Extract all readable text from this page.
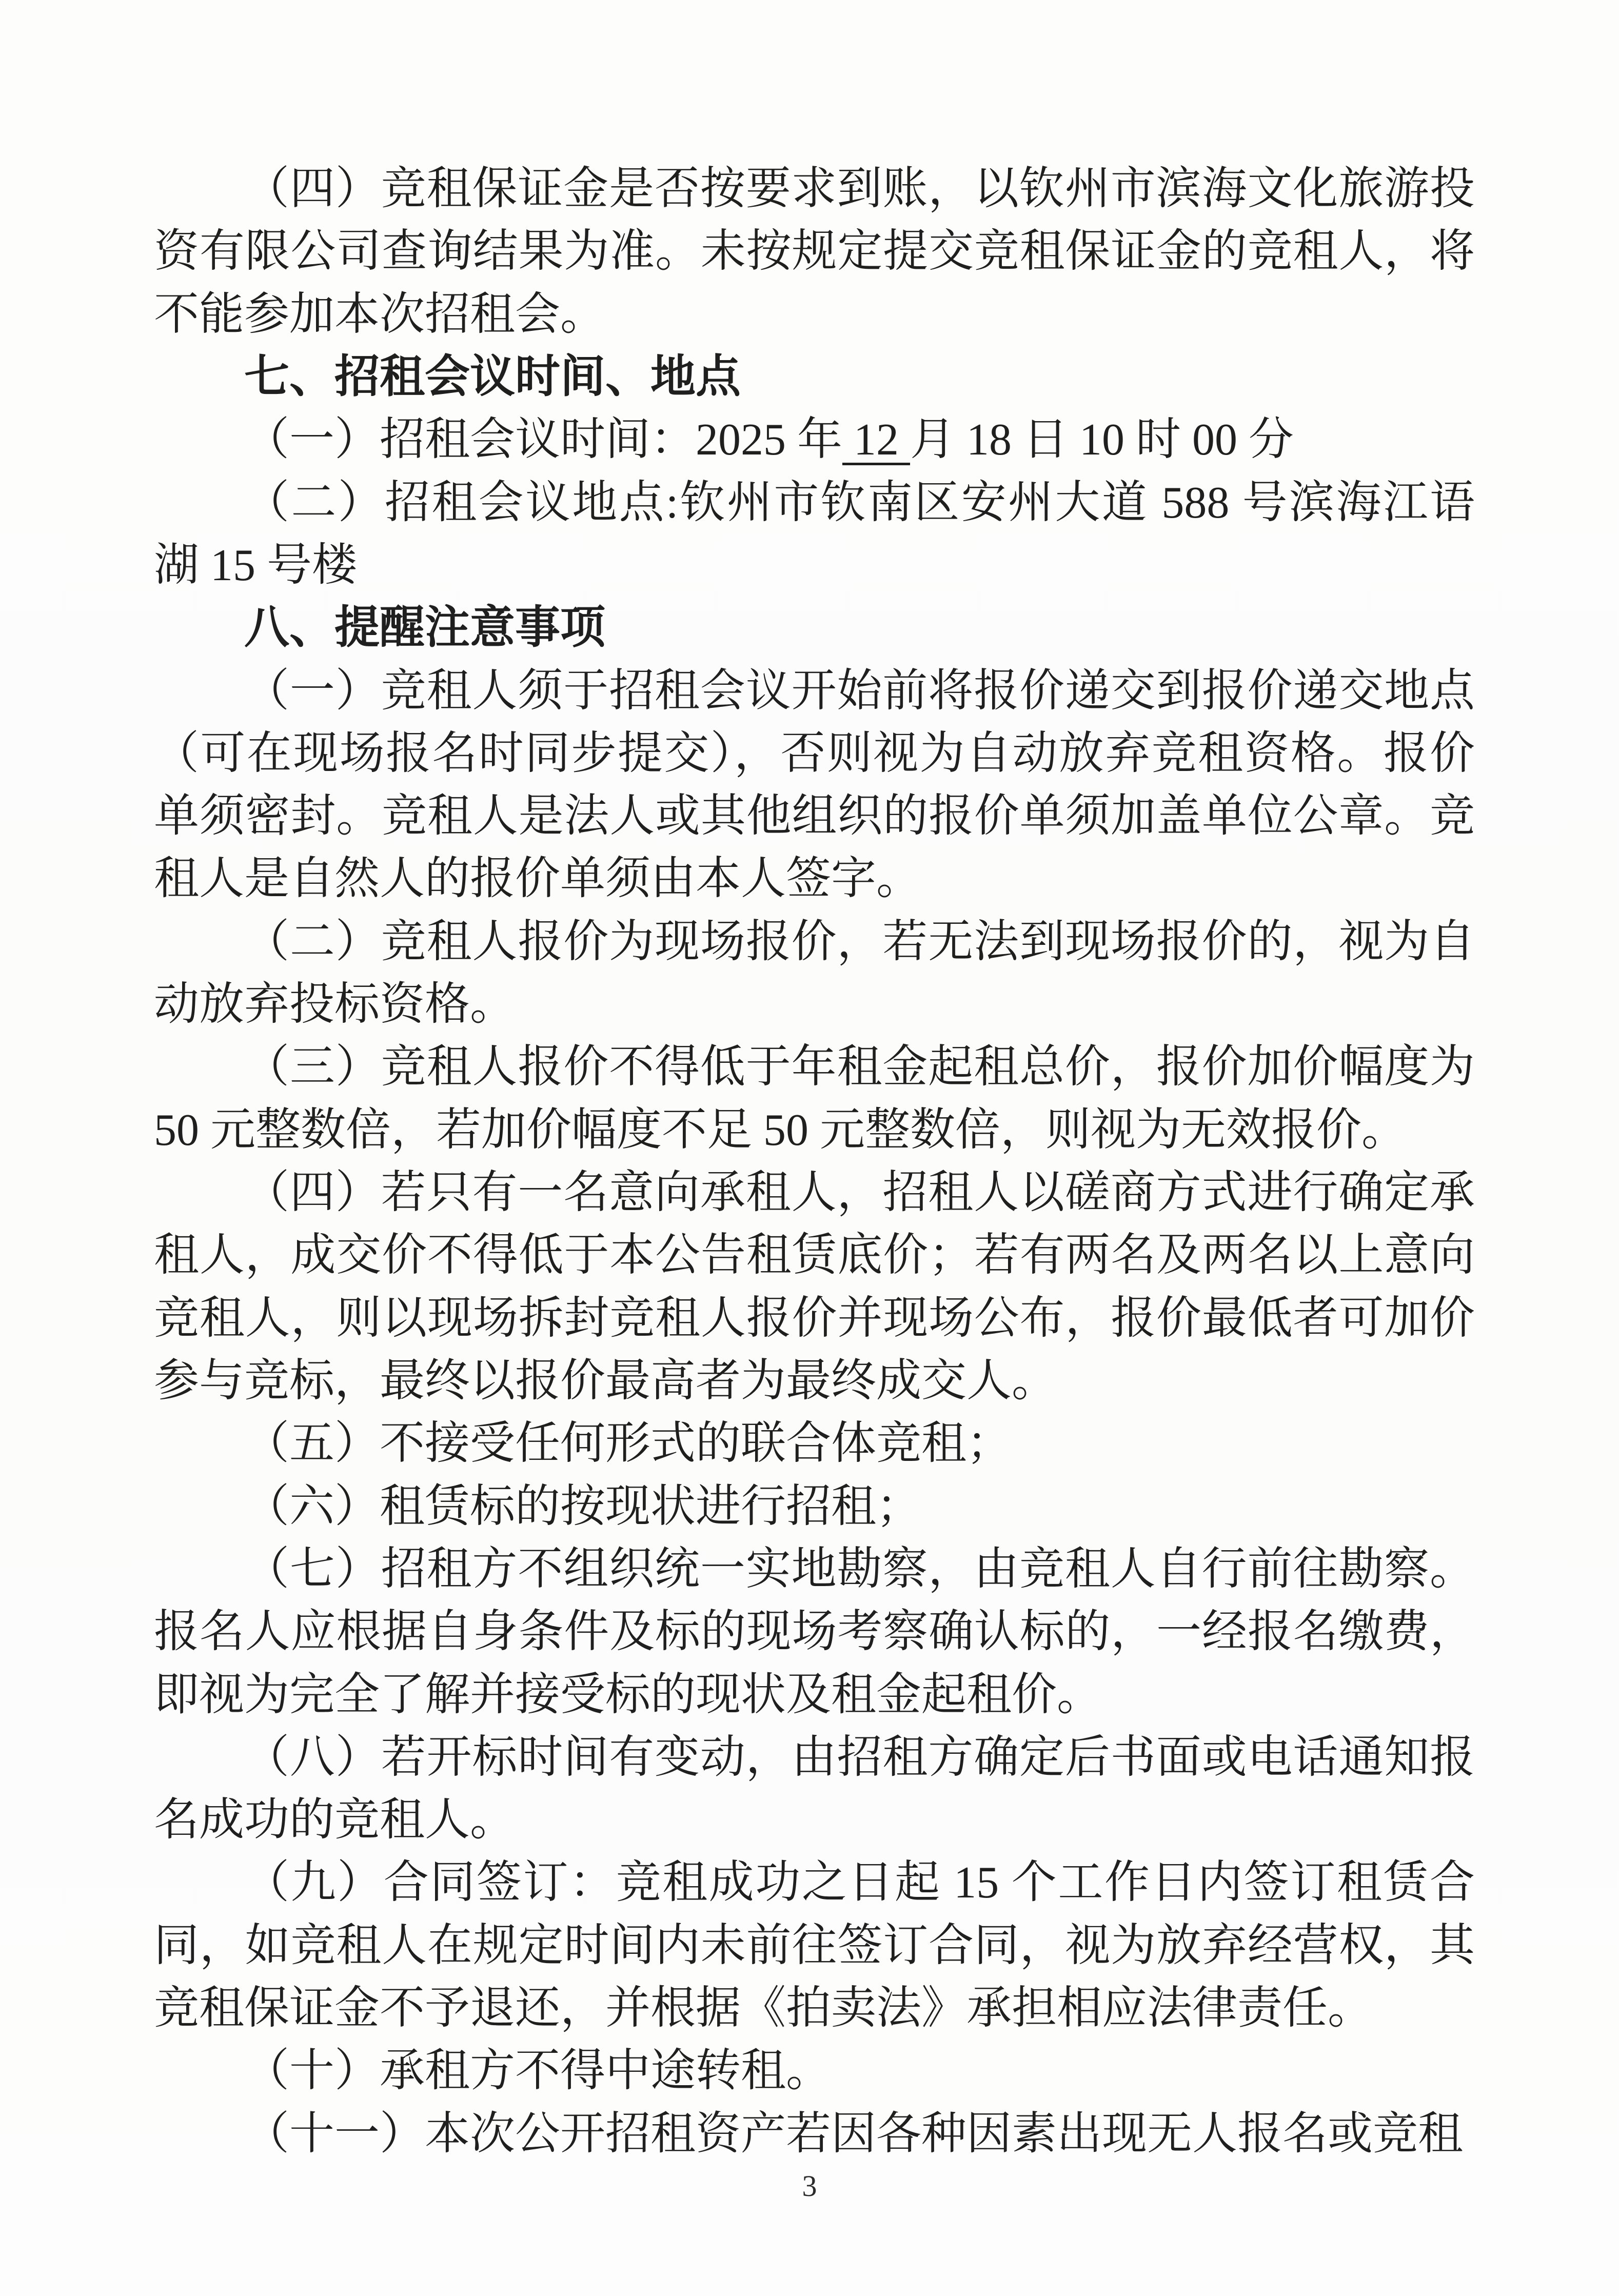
（四）竞租保证金是否按要求到账，以钦州市滨海文化旅游投资有限公司查询结果为准。未按规定提交竞租保证金的竞租人，将不能参加本次招租会。

七、招租会议时间、地点

（一）招租会议时间：2025 年 12 月 18 日 10 时 00 分

（二）招租会议地点:钦州市钦南区安州大道 588 号滨海江语湖 15 号楼

八、提醒注意事项

（一）竞租人须于招租会议开始前将报价递交到报价递交地点（可在现场报名时同步提交），否则视为自动放弃竞租资格。报价单须密封。竞租人是法人或其他组织的报价单须加盖单位公章。竞租人是自然人的报价单须由本人签字。

（二）竞租人报价为现场报价，若无法到现场报价的，视为自动放弃投标资格。

（三）竞租人报价不得低于年租金起租总价，报价加价幅度为 50 元整数倍，若加价幅度不足 50 元整数倍，则视为无效报价。

（四）若只有一名意向承租人，招租人以磋商方式进行确定承租人，成交价不得低于本公告租赁底价；若有两名及两名以上意向竞租人，则以现场拆封竞租人报价并现场公布，报价最低者可加价参与竞标，最终以报价最高者为最终成交人。

（五）不接受任何形式的联合体竞租；

（六）租赁标的按现状进行招租；

（七）招租方不组织统一实地勘察，由竞租人自行前往勘察。报名人应根据自身条件及标的现场考察确认标的，一经报名缴费，即视为完全了解并接受标的现状及租金起租价。

（八）若开标时间有变动，由招租方确定后书面或电话通知报名成功的竞租人。

（九）合同签订：竞租成功之日起 15 个工作日内签订租赁合同，如竞租人在规定时间内未前往签订合同，视为放弃经营权，其竞租保证金不予退还，并根据《拍卖法》承担相应法律责任。

（十）承租方不得中途转租。

（十一）本次公开招租资产若因各种因素出现无人报名或竞租

3
